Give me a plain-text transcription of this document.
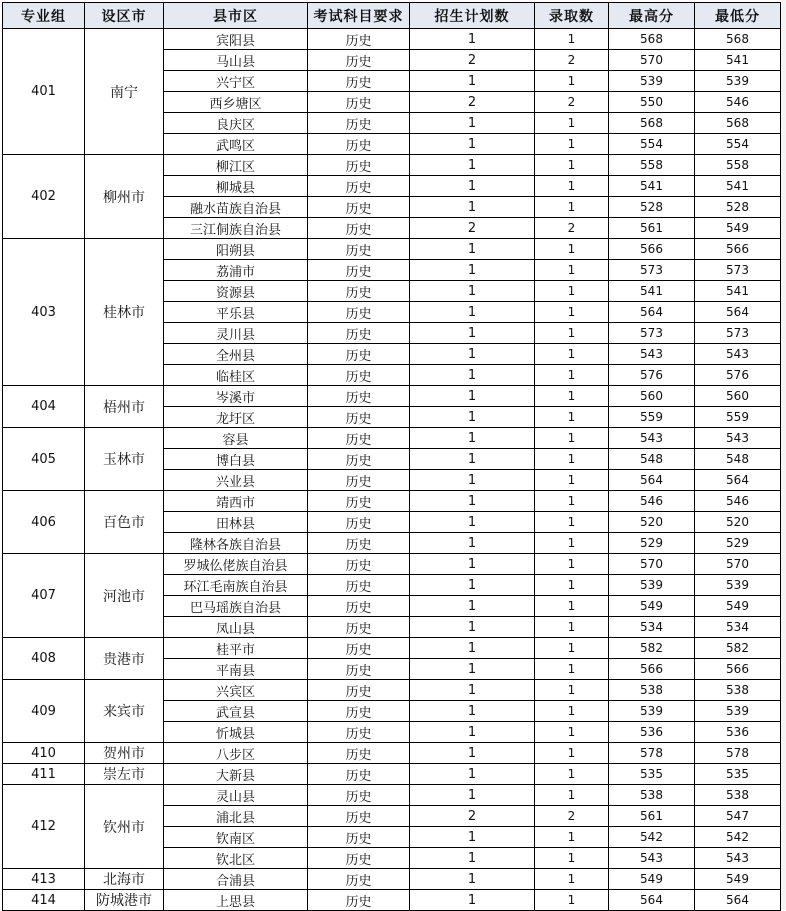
专业组	设区市	县市区	考试科目要求	招生计划数	录取数	最高分	最低分
401	南宁	宾阳县	历史	1	1	568	568
		马山县	历史	2	2	570	541
		兴宁区	历史	1	1	539	539
		西乡塘区	历史	2	2	550	546
		良庆区	历史	1	1	568	568
		武鸣区	历史	1	1	554	554
402	柳州市	柳江区	历史	1	1	558	558
		柳城县	历史	1	1	541	541
		融水苗族自治县	历史	1	1	528	528
		三江侗族自治县	历史	2	2	561	549
403	桂林市	阳朔县	历史	1	1	566	566
		荔浦市	历史	1	1	573	573
		资源县	历史	1	1	541	541
		平乐县	历史	1	1	564	564
		灵川县	历史	1	1	573	573
		全州县	历史	1	1	543	543
		临桂区	历史	1	1	576	576
404	梧州市	岑溪市	历史	1	1	560	560
		龙圩区	历史	1	1	559	559
405	玉林市	容县	历史	1	1	543	543
		博白县	历史	1	1	548	548
		兴业县	历史	1	1	564	564
406	百色市	靖西市	历史	1	1	546	546
		田林县	历史	1	1	520	520
		隆林各族自治县	历史	1	1	529	529
407	河池市	罗城仫佬族自治县	历史	1	1	570	570
		环江毛南族自治县	历史	1	1	539	539
		巴马瑶族自治县	历史	1	1	549	549
		凤山县	历史	1	1	534	534
408	贵港市	桂平市	历史	1	1	582	582
		平南县	历史	1	1	566	566
409	来宾市	兴宾区	历史	1	1	538	538
		武宣县	历史	1	1	539	539
		忻城县	历史	1	1	536	536
410	贺州市	八步区	历史	1	1	578	578
411	崇左市	大新县	历史	1	1	535	535
412	钦州市	灵山县	历史	1	1	538	538
		浦北县	历史	2	2	561	547
		钦南区	历史	1	1	542	542
		钦北区	历史	1	1	543	543
413	北海市	合浦县	历史	1	1	549	549
414	防城港市	上思县	历史	1	1	564	564
